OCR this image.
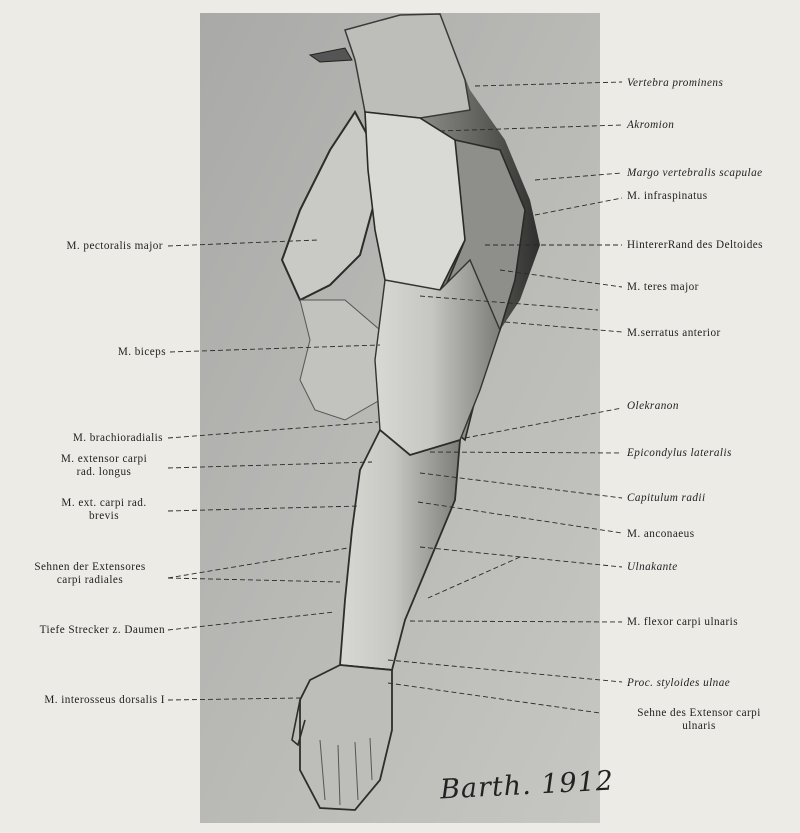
Vertebra prominens
Akromion
Margo vertebralis scapulae
M. infraspinatus
HintererRand des Deltoides
M. teres major
M.serratus anterior
Olekranon
Epicondylus lateralis
Capitulum radii
M. anconaeus
Ulnakante
M. flexor carpi ulnaris
Proc. styloides ulnae
Sehne des Extensor carpi
ulnaris
M. pectoralis major
M. biceps
M. brachioradialis
M. extensor carpi
rad. longus
M. ext. carpi rad.
brevis
Sehnen der Extensores
carpi radiales
Tiefe Strecker z. Daumen
M. interosseus dorsalis I
Barth. 1912
